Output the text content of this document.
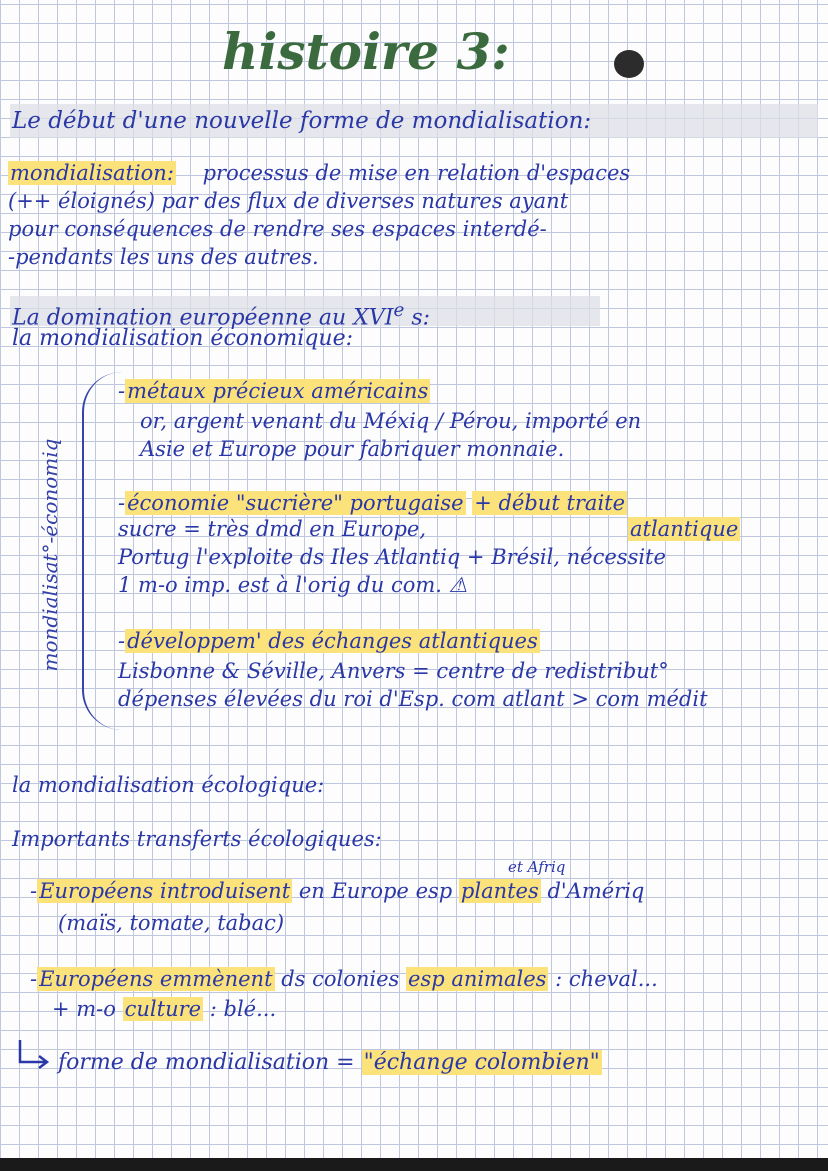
histoire 3:
Le début d'une nouvelle forme de mondialisation:
mondialisation: processus de mise en relation d'espaces
(++ éloignés) par des flux de diverses natures ayant
pour conséquences de rendre ses espaces interdé-
-pendants les uns des autres.
La domination européenne au XVIe s:
la mondialisation économique:
mondialisat°-économiq
-métaux précieux américains
or, argent venant du Méxiq / Pérou, importé en
Asie et Europe pour fabriquer monnaie.
-économie "sucrière" portugaise + début traite
sucre = très dmd en Europe,	atlantique
Portug l'exploite ds Iles Atlantiq + Brésil, nécessite
1 m-o imp. est à l'orig du com. ⚠
-développem' des échanges atlantiques
Lisbonne & Séville, Anvers = centre de redistribut°
dépenses élevées du roi d'Esp. com atlant > com médit
la mondialisation écologique:
Importants transferts écologiques:
et Afriq
-Européens introduisent en Europe esp plantes d'Amériq
(maïs, tomate, tabac)
-Européens emmènent ds colonies esp animales : cheval...
+ m-o culture : blé...
forme de mondialisation = "échange colombien"
